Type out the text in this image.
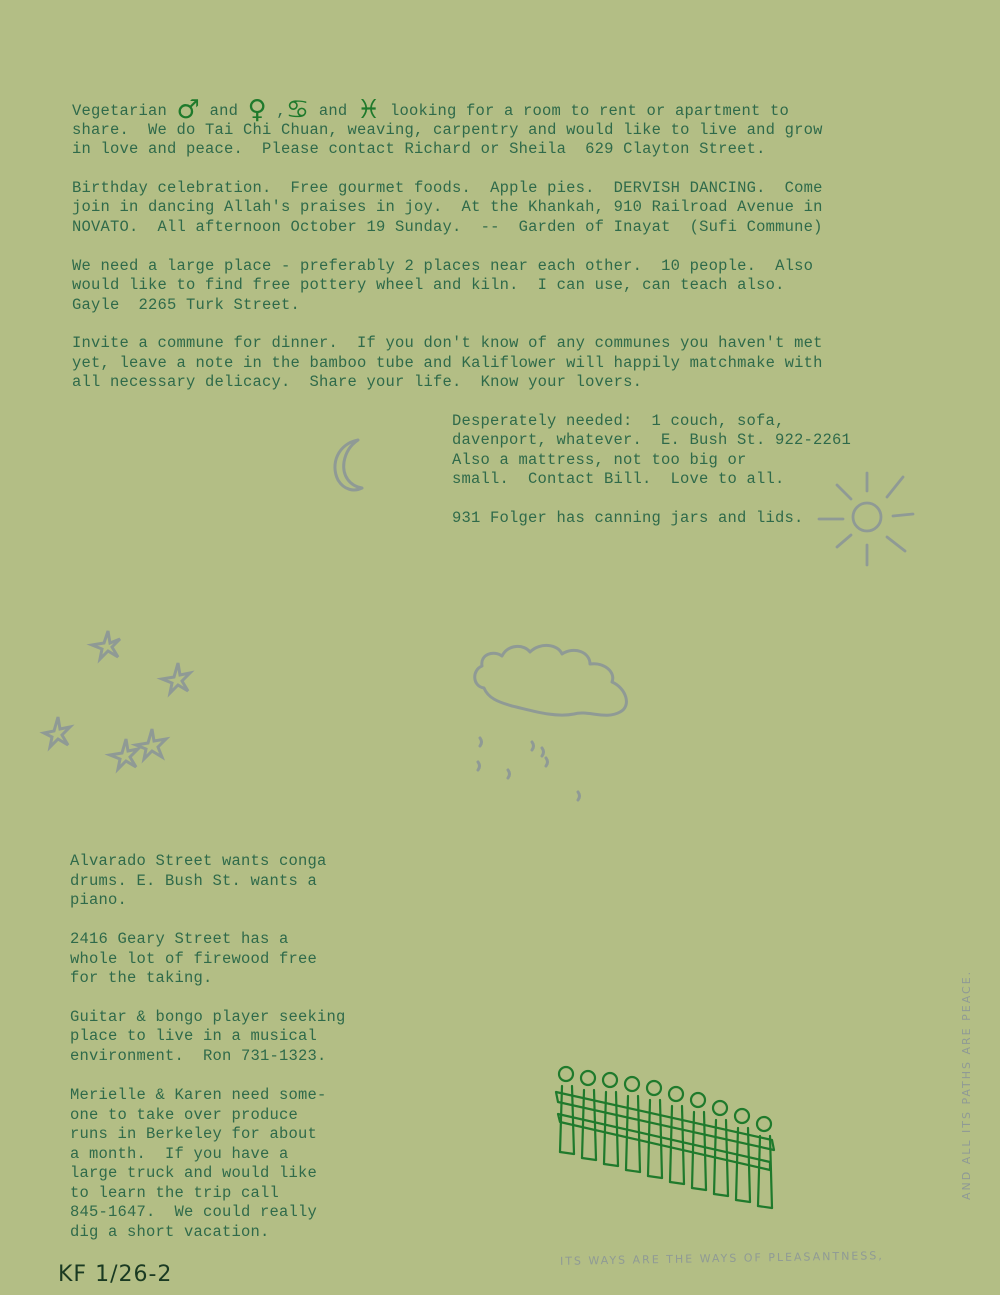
Vegetarian ♂ and ♀ ,♋ and ♓ looking for a room to rent or apartment to
share.  We do Tai Chi Chuan, weaving, carpentry and would like to live and grow
in love and peace.  Please contact Richard or Sheila  629 Clayton Street.
Birthday celebration.  Free gourmet foods.  Apple pies.  DERVISH DANCING.  Come
join in dancing Allah's praises in joy.  At the Khankah, 910 Railroad Avenue in
NOVATO.  All afternoon October 19 Sunday.  --  Garden of Inayat  (Sufi Commune)
We need a large place - preferably 2 places near each other.  10 people.  Also
would like to find free pottery wheel and kiln.  I can use, can teach also.
Gayle  2265 Turk Street.
Invite a commune for dinner.  If you don't know of any communes you haven't met
yet, leave a note in the bamboo tube and Kaliflower will happily matchmake with
all necessary delicacy.  Share your life.  Know your lovers.
Desperately needed:  1 couch, sofa,
davenport, whatever.  E. Bush St. 922-2261
Also a mattress, not too big or
small.  Contact Bill.  Love to all.
931 Folger has canning jars and lids.
Alvarado Street wants conga
drums. E. Bush St. wants a
piano.
2416 Geary Street has a
whole lot of firewood free
for the taking.
Guitar & bongo player seeking
place to live in a musical
environment.  Ron 731-1323.
Merielle & Karen need some-
one to take over produce
runs in Berkeley for about
a month.  If you have a
large truck and would like
to learn the trip call
845-1647.  We could really
dig a short vacation.
ITS WAYS ARE THE WAYS OF PLEASANTNESS,
AND ALL ITS PATHS ARE PEACE.
KF 1/26-2
